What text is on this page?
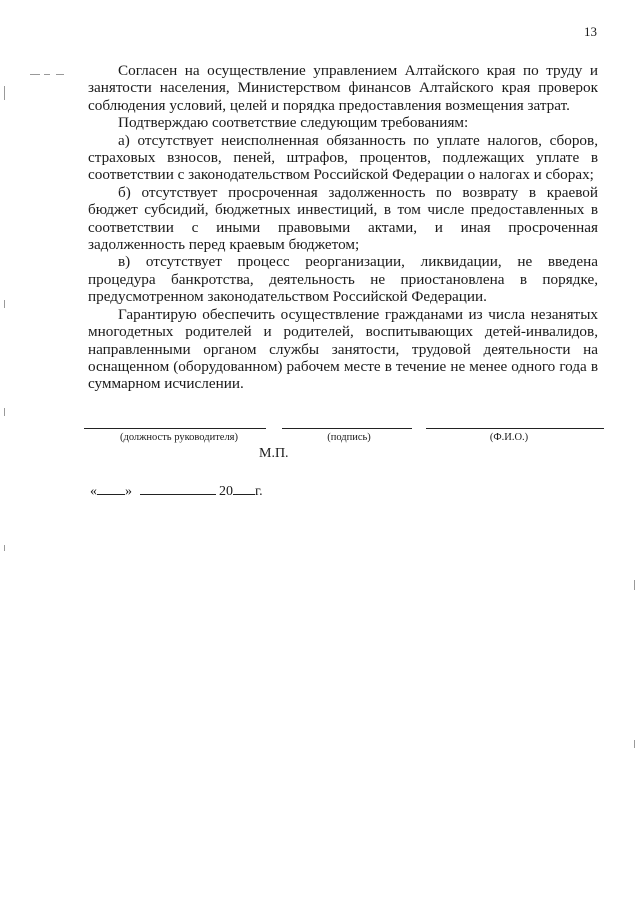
13

Согласен на осуществление управлением Алтайского края по труду и занятости населения, Министерством финансов Алтайского края проверок соблюдения условий, целей и порядка предоставления возмещения затрат.

Подтверждаю соответствие следующим требованиям:

а) отсутствует неисполненная обязанность по уплате налогов, сборов, страховых взносов, пеней, штрафов, процентов, подлежащих уплате в соответствии с законодательством Российской Федерации о налогах и сборах;

б) отсутствует просроченная задолженность по возврату в краевой бюджет субсидий, бюджетных инвестиций, в том числе предоставленных в соответствии с иными правовыми актами, и иная просроченная задолженность перед краевым бюджетом;

в) отсутствует процесс реорганизации, ликвидации, не введена процедура банкротства, деятельность не приостановлена в порядке, предусмотренном законодательством Российской Федерации.

Гарантирую обеспечить осуществление гражданами из числа незанятых многодетных родителей и родителей, воспитывающих детей-инвалидов, направленными органом службы занятости, трудовой деятельности на оснащенном (оборудованном) рабочем месте в течение не менее одного года в суммарном исчислении.

(должность руководителя)	(подпись)	(Ф.И.О.)
М.П.
« »	20 г.
